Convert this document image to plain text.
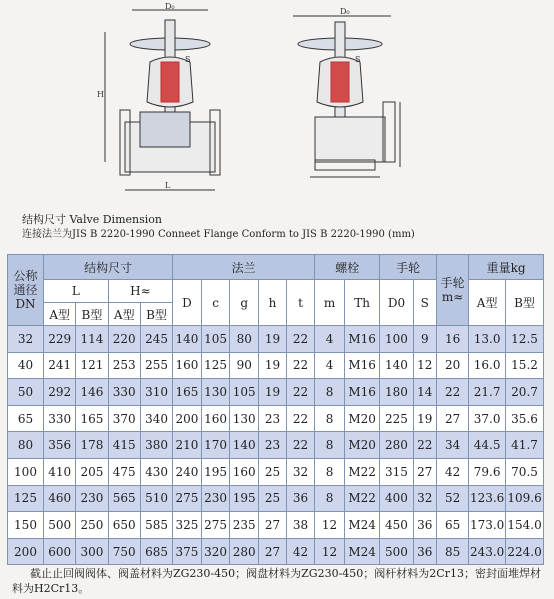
D₀
H
L
S
D₀
S
结构尺寸 Valve Dimension
连接法兰为JIS B 2220-1990 Conneet Flange Conform to JIS B 2220-1990 (mm)
公称通径DN	结构尺寸				法兰					螺栓		手轮		手轮m≈	重量kg	
	L		H≈		D	c	g	h	t	m	Th	D0	S		A型	B型
	A型	B型	A型	B型												
32	229	114	220	245	140	105	80	19	22	4	M16	100	9	16	13.0	12.5
40	241	121	253	255	160	125	90	19	22	4	M16	140	12	20	16.0	15.2
50	292	146	330	310	165	130	105	19	22	8	M16	180	14	22	21.7	20.7
65	330	165	370	340	200	160	130	23	22	8	M20	225	19	27	37.0	35.6
80	356	178	415	380	210	170	140	23	22	8	M20	280	22	34	44.5	41.7
100	410	205	475	430	240	195	160	25	32	8	M22	315	27	42	79.6	70.5
125	460	230	565	510	275	230	195	25	36	8	M22	400	32	52	123.6	109.6
150	500	250	650	585	325	275	235	27	38	12	M24	450	36	65	173.0	154.0
200	600	300	750	685	375	320	280	27	42	12	M24	500	36	85	243.0	224.0
截止止回阀阀体、阀盖材料为ZG230-450；阀盘材料为ZG230-450；阀杆材料为2Cr13；密封面堆焊材料为H2Cr13。
